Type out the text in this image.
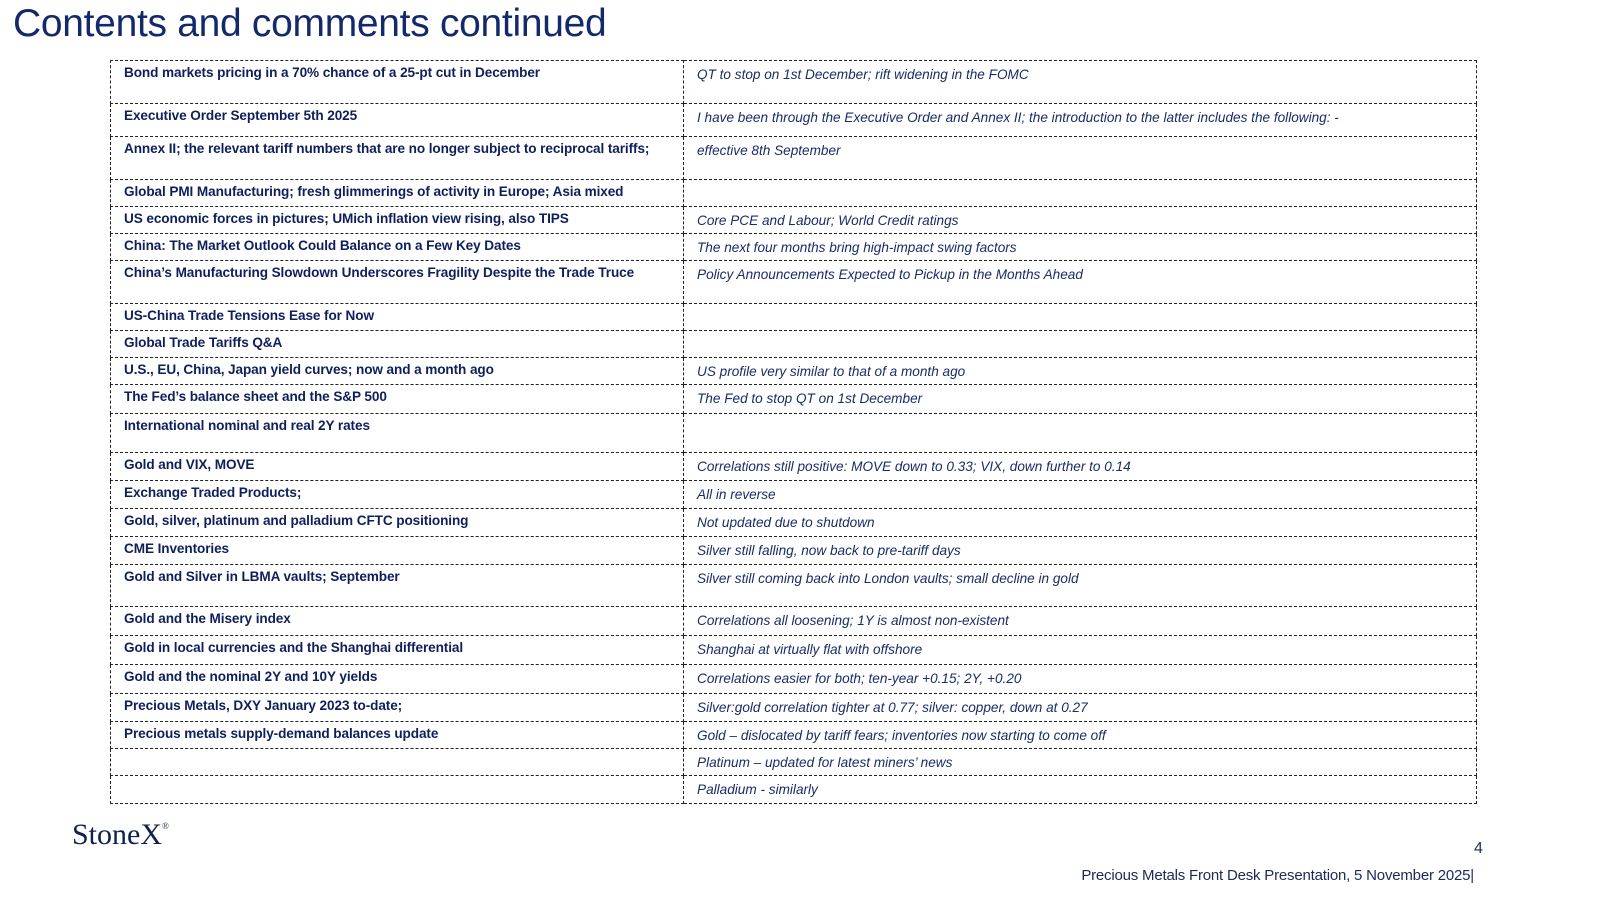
Contents and comments continued
Bond markets pricing in a 70% chance of a 25-pt cut in December	QT to stop on 1st December; rift widening in the FOMC
Executive Order September 5th 2025	I have been through the Executive Order and Annex II; the introduction to the latter includes the following: -
Annex II; the relevant tariff numbers that are no longer subject to reciprocal tariffs;	effective 8th September
Global PMI Manufacturing; fresh glimmerings of activity in Europe; Asia mixed	
US economic forces in pictures; UMich inflation view rising, also TIPS	Core PCE and Labour; World Credit ratings
China: The Market Outlook Could Balance on a Few Key Dates	The next four months bring high-impact swing factors
China’s Manufacturing Slowdown Underscores Fragility Despite the Trade Truce	Policy Announcements Expected to Pickup in the Months Ahead
US-China Trade Tensions Ease for Now	
Global Trade Tariffs Q&A	
U.S., EU, China, Japan yield curves; now and a month ago	US profile very similar to that of a month ago
The Fed’s balance sheet and the S&P 500	The Fed to stop QT on 1st December
International nominal and real 2Y rates	
Gold and VIX, MOVE	Correlations still positive: MOVE down to 0.33; VIX, down further to 0.14
Exchange Traded Products;	All in reverse
Gold, silver, platinum and palladium CFTC positioning	Not updated due to shutdown
CME Inventories	Silver still falling, now back to pre-tariff days
Gold and Silver in LBMA vaults; September	Silver still coming back into London vaults; small decline in gold
Gold and the Misery index	Correlations all loosening; 1Y is almost non-existent
Gold in local currencies and the Shanghai differential	Shanghai at virtually flat with offshore
Gold and the nominal 2Y and 10Y yields	Correlations easier for both; ten-year +0.15; 2Y, +0.20
Precious Metals, DXY January 2023 to-date;	Silver:gold correlation tighter at 0.77; silver: copper, down at 0.27
Precious metals supply-demand balances update	Gold – dislocated by tariff fears; inventories now starting to come off
	Platinum – updated for latest miners’ news
	Palladium - similarly
StoneX®
4
Precious Metals Front Desk Presentation, 5 November 2025|
